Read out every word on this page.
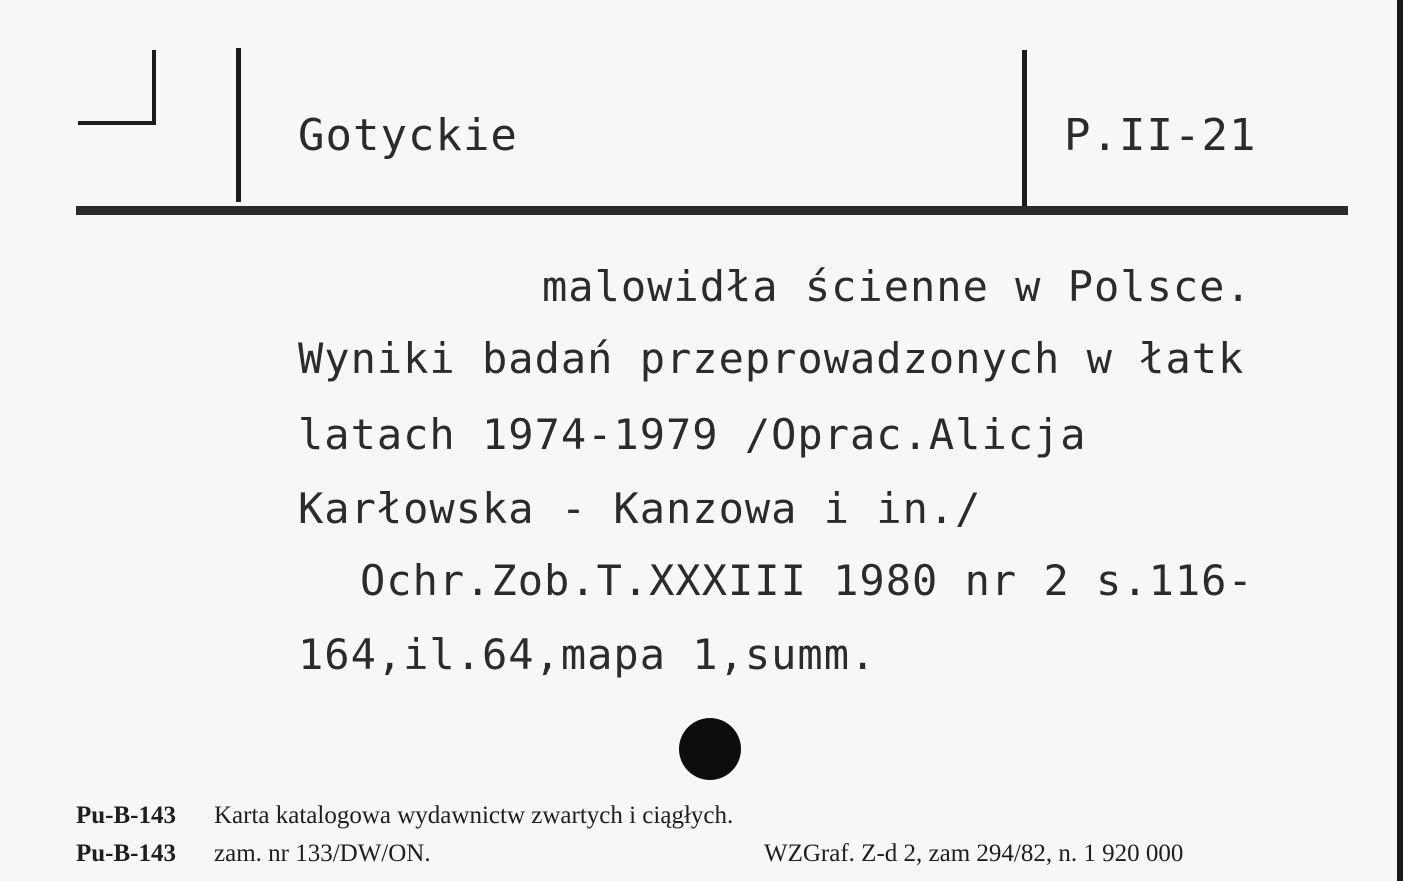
Gotyckie	P.II-21
malowidła ścienne w Polsce.
Wyniki badań przeprowadzonych w łatk
latach 1974-1979 /Oprac.Alicja
Karłowska - Kanzowa i in./
Ochr.Zob.T.XXXIII 1980 nr 2 s.116-
164,il.64,mapa 1,summ.
Pu-B-143 Karta katalogowa wydawnictw zwartych i ciągłych.
Pu-B-143 zam. nr 133/DW/ON.	WZGraf. Z-d 2, zam 294/82, n. 1 920 000
